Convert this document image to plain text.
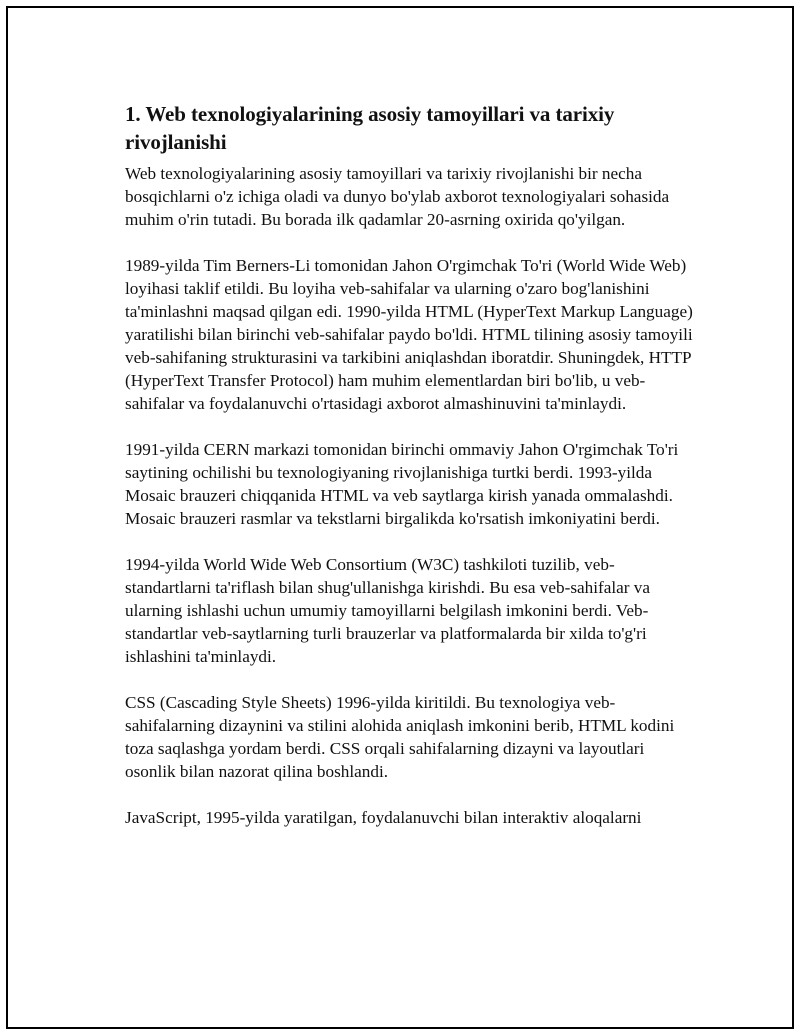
1. Web texnologiyalarining asosiy tamoyillari va tarixiy rivojlanishi

Web texnologiyalarining asosiy tamoyillari va tarixiy rivojlanishi bir necha bosqichlarni o'z ichiga oladi va dunyo bo'ylab axborot texnologiyalari sohasida muhim o'rin tutadi. Bu borada ilk qadamlar 20-asrning oxirida qo'yilgan.

1989-yilda Tim Berners-Li tomonidan Jahon O'rgimchak To'ri (World Wide Web) loyihasi taklif etildi. Bu loyiha veb-sahifalar va ularning o'zaro bog'lanishini ta'minlashni maqsad qilgan edi. 1990-yilda HTML (HyperText Markup Language) yaratilishi bilan birinchi veb-sahifalar paydo bo'ldi. HTML tilining asosiy tamoyili veb-sahifaning strukturasini va tarkibini aniqlashdan iboratdir. Shuningdek, HTTP (HyperText Transfer Protocol) ham muhim elementlardan biri bo'lib, u veb-sahifalar va foydalanuvchi o'rtasidagi axborot almashinuvini ta'minlaydi.

1991-yilda CERN markazi tomonidan birinchi ommaviy Jahon O'rgimchak To'ri saytining ochilishi bu texnologiyaning rivojlanishiga turtki berdi. 1993-yilda Mosaic brauzeri chiqqanida HTML va veb saytlarga kirish yanada ommalashdi. Mosaic brauzeri rasmlar va tekstlarni birgalikda ko'rsatish imkoniyatini berdi.

1994-yilda World Wide Web Consortium (W3C) tashkiloti tuzilib, veb-standartlarni ta'riflash bilan shug'ullanishga kirishdi. Bu esa veb-sahifalar va ularning ishlashi uchun umumiy tamoyillarni belgilash imkonini berdi. Veb-standartlar veb-saytlarning turli brauzerlar va platformalarda bir xilda to'g'ri ishlashini ta'minlaydi.

CSS (Cascading Style Sheets) 1996-yilda kiritildi. Bu texnologiya veb-sahifalarning dizaynini va stilini alohida aniqlash imkonini berib, HTML kodini toza saqlashga yordam berdi. CSS orqali sahifalarning dizayni va layoutlari osonlik bilan nazorat qilina boshlandi.

JavaScript, 1995-yilda yaratilgan, foydalanuvchi bilan interaktiv aloqalarni
